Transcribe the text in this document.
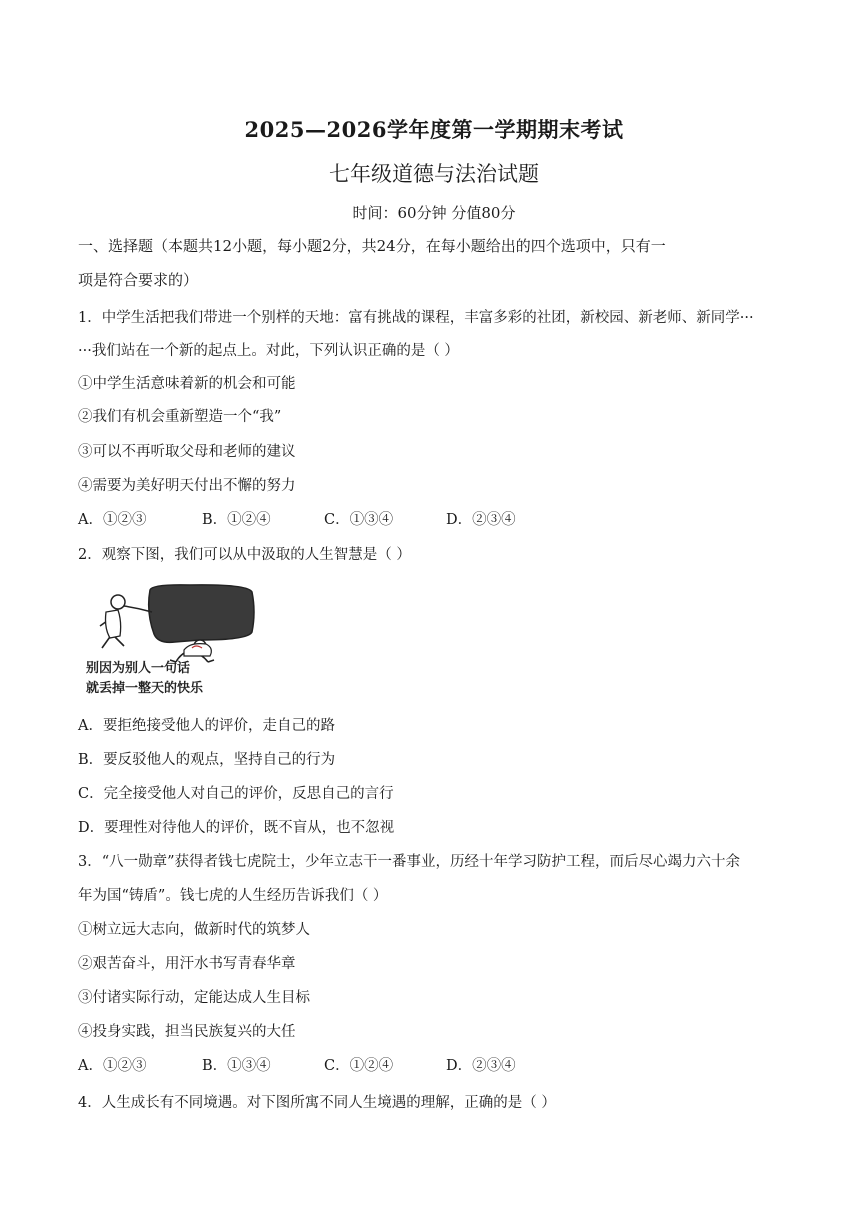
2025—2026学年度第一学期期末考试
七年级道德与法治试题
时间：60分钟 分值80分
一、选择题（本题共12小题，每小题2分，共24分，在每小题给出的四个选项中，只有一
项是符合要求的）
1．中学生活把我们带进一个别样的天地：富有挑战的课程，丰富多彩的社团，新校园、新老师、新同学···
···我们站在一个新的起点上。对此，下列认识正确的是（ ）
①中学生活意味着新的机会和可能
②我们有机会重新塑造一个“我”
③可以不再听取父母和老师的建议
④需要为美好明天付出不懈的努力
A．①②③	B．①②④	C．①③④	D．②③④
2．观察下图，我们可以从中汲取的人生智慧是（ ）
别因为别人一句话
就丢掉一整天的快乐
A．要拒绝接受他人的评价，走自己的路
B．要反驳他人的观点，坚持自己的行为
C．完全接受他人对自己的评价，反思自己的言行
D．要理性对待他人的评价，既不盲从，也不忽视
3．“八一勋章”获得者钱七虎院士，少年立志干一番事业，历经十年学习防护工程，而后尽心竭力六十余
年为国“铸盾”。钱七虎的人生经历告诉我们（ ）
①树立远大志向，做新时代的筑梦人
②艰苦奋斗，用汗水书写青春华章
③付诸实际行动，定能达成人生目标
④投身实践，担当民族复兴的大任
A．①②③	B．①③④	C．①②④	D．②③④
4．人生成长有不同境遇。对下图所寓不同人生境遇的理解，正确的是（ ）
